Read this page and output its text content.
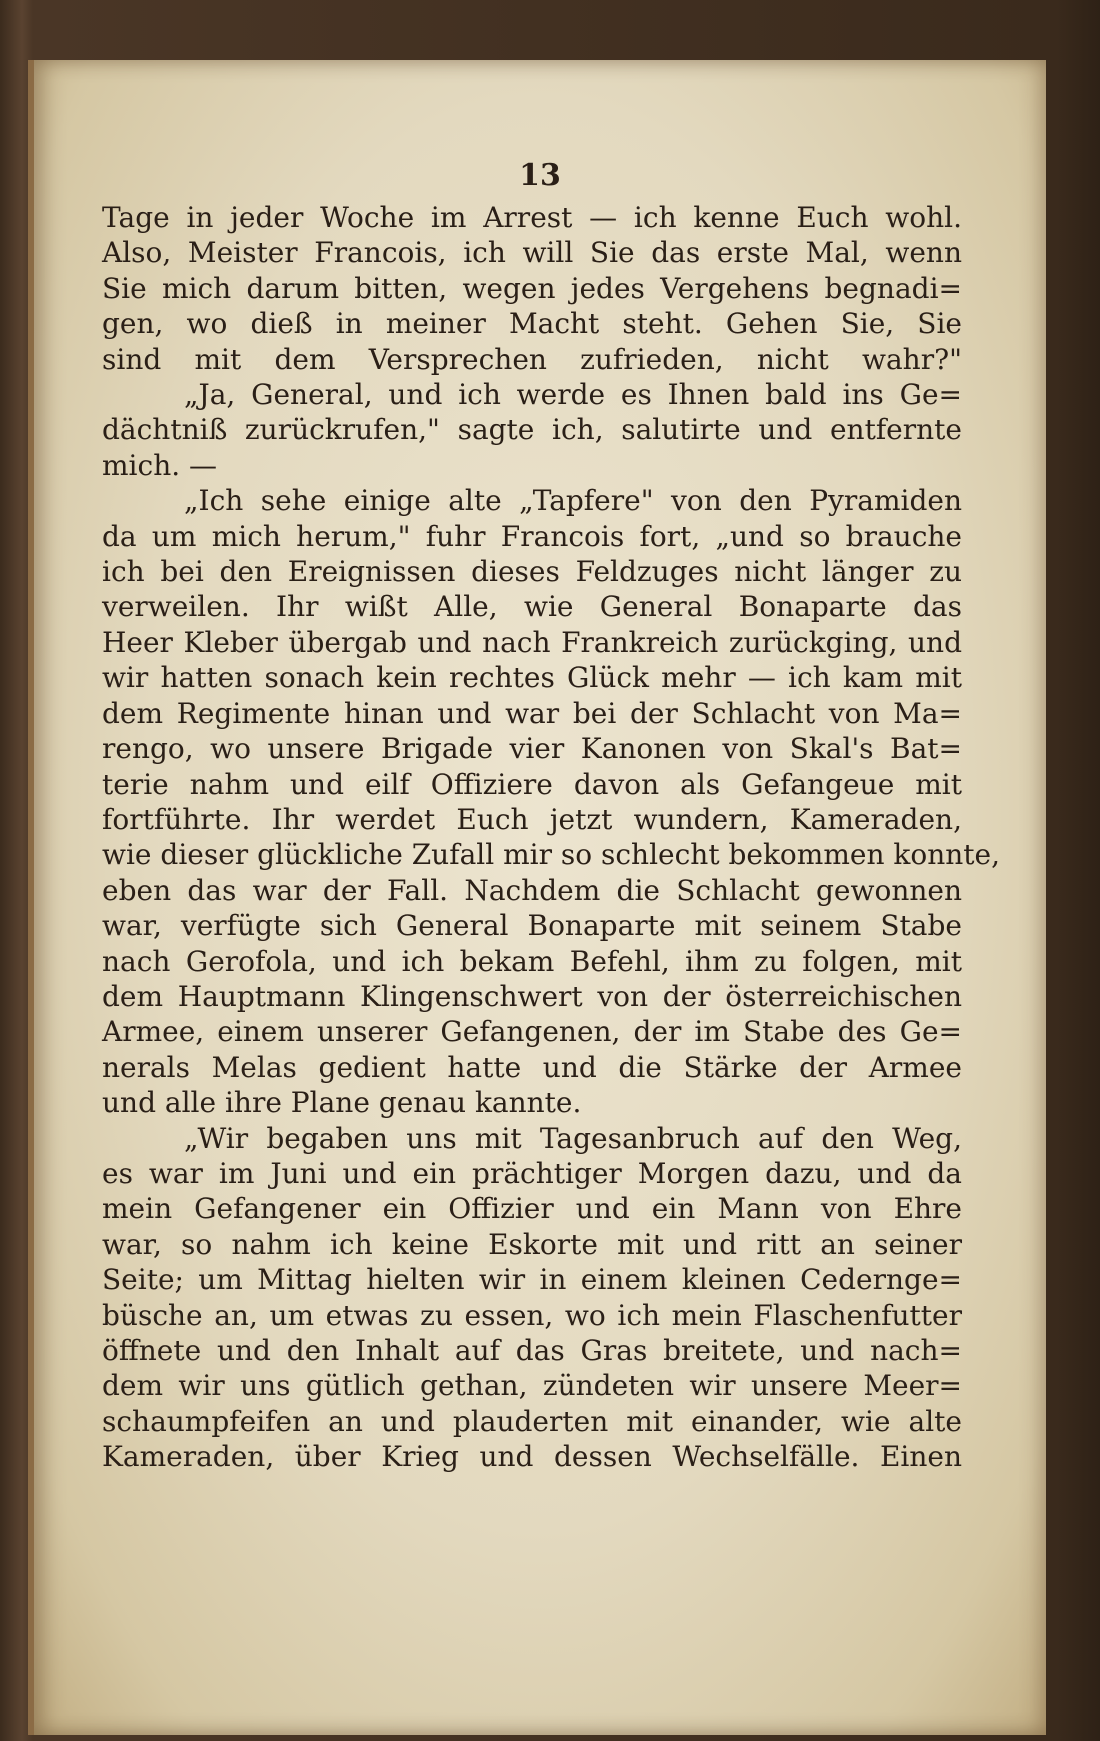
13
Tage in jeder Woche im Arrest — ich kenne Euch wohl.
Also, Meister Francois, ich will Sie das erste Mal, wenn
Sie mich darum bitten, wegen jedes Vergehens begnadi=
gen, wo dieß in meiner Macht steht. Gehen Sie, Sie
sind mit dem Versprechen zufrieden, nicht wahr?"
„Ja, General, und ich werde es Ihnen bald ins Ge=
dächtniß zurückrufen," sagte ich, salutirte und entfernte
mich. —
„Ich sehe einige alte „Tapfere" von den Pyramiden
da um mich herum," fuhr Francois fort, „und so brauche
ich bei den Ereignissen dieses Feldzuges nicht länger zu
verweilen. Ihr wißt Alle, wie General Bonaparte das
Heer Kleber übergab und nach Frankreich zurückging, und
wir hatten sonach kein rechtes Glück mehr — ich kam mit
dem Regimente hinan und war bei der Schlacht von Ma=
rengo, wo unsere Brigade vier Kanonen von Skal's Bat=
terie nahm und eilf Offiziere davon als Gefangeue mit
fortführte. Ihr werdet Euch jetzt wundern, Kameraden,
wie dieser glückliche Zufall mir so schlecht bekommen konnte,
eben das war der Fall. Nachdem die Schlacht gewonnen
war, verfügte sich General Bonaparte mit seinem Stabe
nach Gerofola, und ich bekam Befehl, ihm zu folgen, mit
dem Hauptmann Klingenschwert von der österreichischen
Armee, einem unserer Gefangenen, der im Stabe des Ge=
nerals Melas gedient hatte und die Stärke der Armee
und alle ihre Plane genau kannte.
„Wir begaben uns mit Tagesanbruch auf den Weg,
es war im Juni und ein prächtiger Morgen dazu, und da
mein Gefangener ein Offizier und ein Mann von Ehre
war, so nahm ich keine Eskorte mit und ritt an seiner
Seite; um Mittag hielten wir in einem kleinen Cederngе=
büsche an, um etwas zu essen, wo ich mein Flaschenfutter
öffnete und den Inhalt auf das Gras breitete, und nach=
dem wir uns gütlich gethan, zündeten wir unsere Meer=
schaumpfeifen an und plauderten mit einander, wie alte
Kameraden, über Krieg und dessen Wechselfälle. Einen
